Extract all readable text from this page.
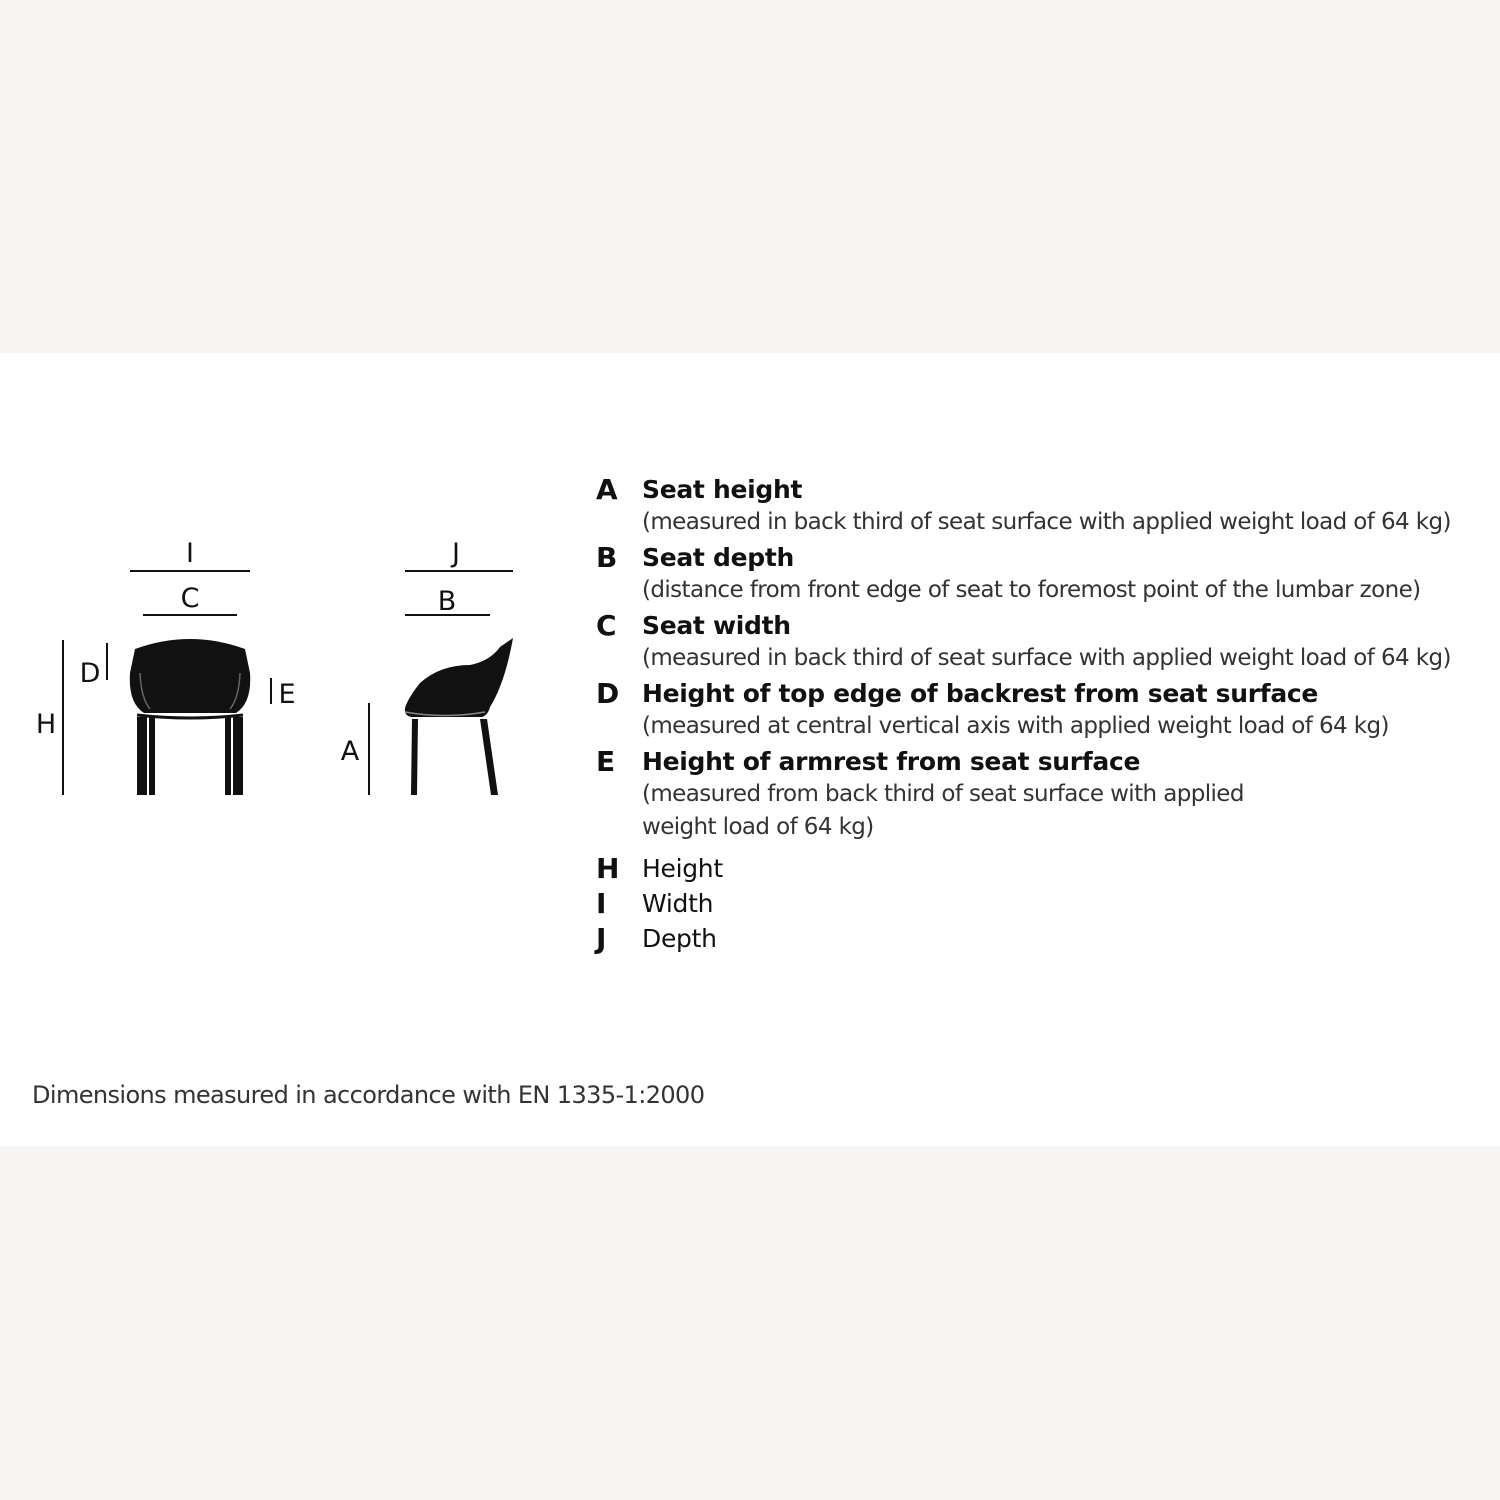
I
C
H
D
E
J
B
A
A Seat height
(measured in back third of seat surface with applied weight load of 64 kg)
B Seat depth
(distance from front edge of seat to foremost point of the lumbar zone)
C Seat width
(measured in back third of seat surface with applied weight load of 64 kg)
D Height of top edge of backrest from seat surface
(measured at central vertical axis with applied weight load of 64 kg)
E Height of armrest from seat surface
(measured from back third of seat surface with applied
weight load of 64 kg)
H Height
I Width
J Depth
Dimensions measured in accordance with EN 1335-1:2000
